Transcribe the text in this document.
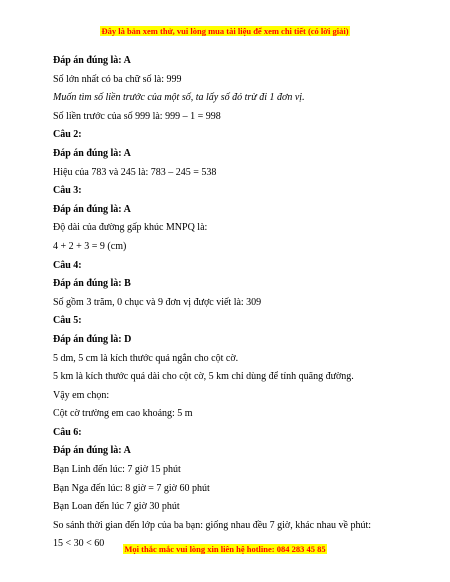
Đây là bản xem thử, vui lòng mua tài liệu để xem chi tiết (có lời giải)
Đáp án đúng là: A
Số lớn nhất có ba chữ số là: 999
Muốn tìm số liền trước của một số, ta lấy số đó trừ đi 1 đơn vị.
Số liền trước của số 999 là: 999 – 1 = 998
Câu 2:
Đáp án đúng là: A
Hiệu của 783 và 245 là: 783 – 245 = 538
Câu 3:
Đáp án đúng là: A
Độ dài của đường gấp khúc MNPQ là:
4 + 2 + 3 = 9 (cm)
Câu 4:
Đáp án đúng là: B
Số gồm 3 trăm, 0 chục và 9 đơn vị được viết là: 309
Câu 5:
Đáp án đúng là: D
5 dm, 5 cm là kích thước quá ngắn cho cột cờ.
5 km là kích thước quá dài cho cột cờ, 5 km chỉ dùng để tính quãng đường.
Vậy em chọn:
Cột cờ trường em cao khoảng: 5 m
Câu 6:
Đáp án đúng là: A
Bạn Linh đến lúc: 7 giờ 15 phút
Bạn Nga đến lúc: 8 giờ = 7 giờ 60 phút
Bạn Loan đến lúc 7 giờ 30 phút
So sánh thời gian đến lớp của ba bạn: giống nhau đều 7 giờ, khác nhau về phút:
15 < 30 < 60	Mọi thắc mắc vui lòng xin liên hệ hotline: 084 283 45 85
